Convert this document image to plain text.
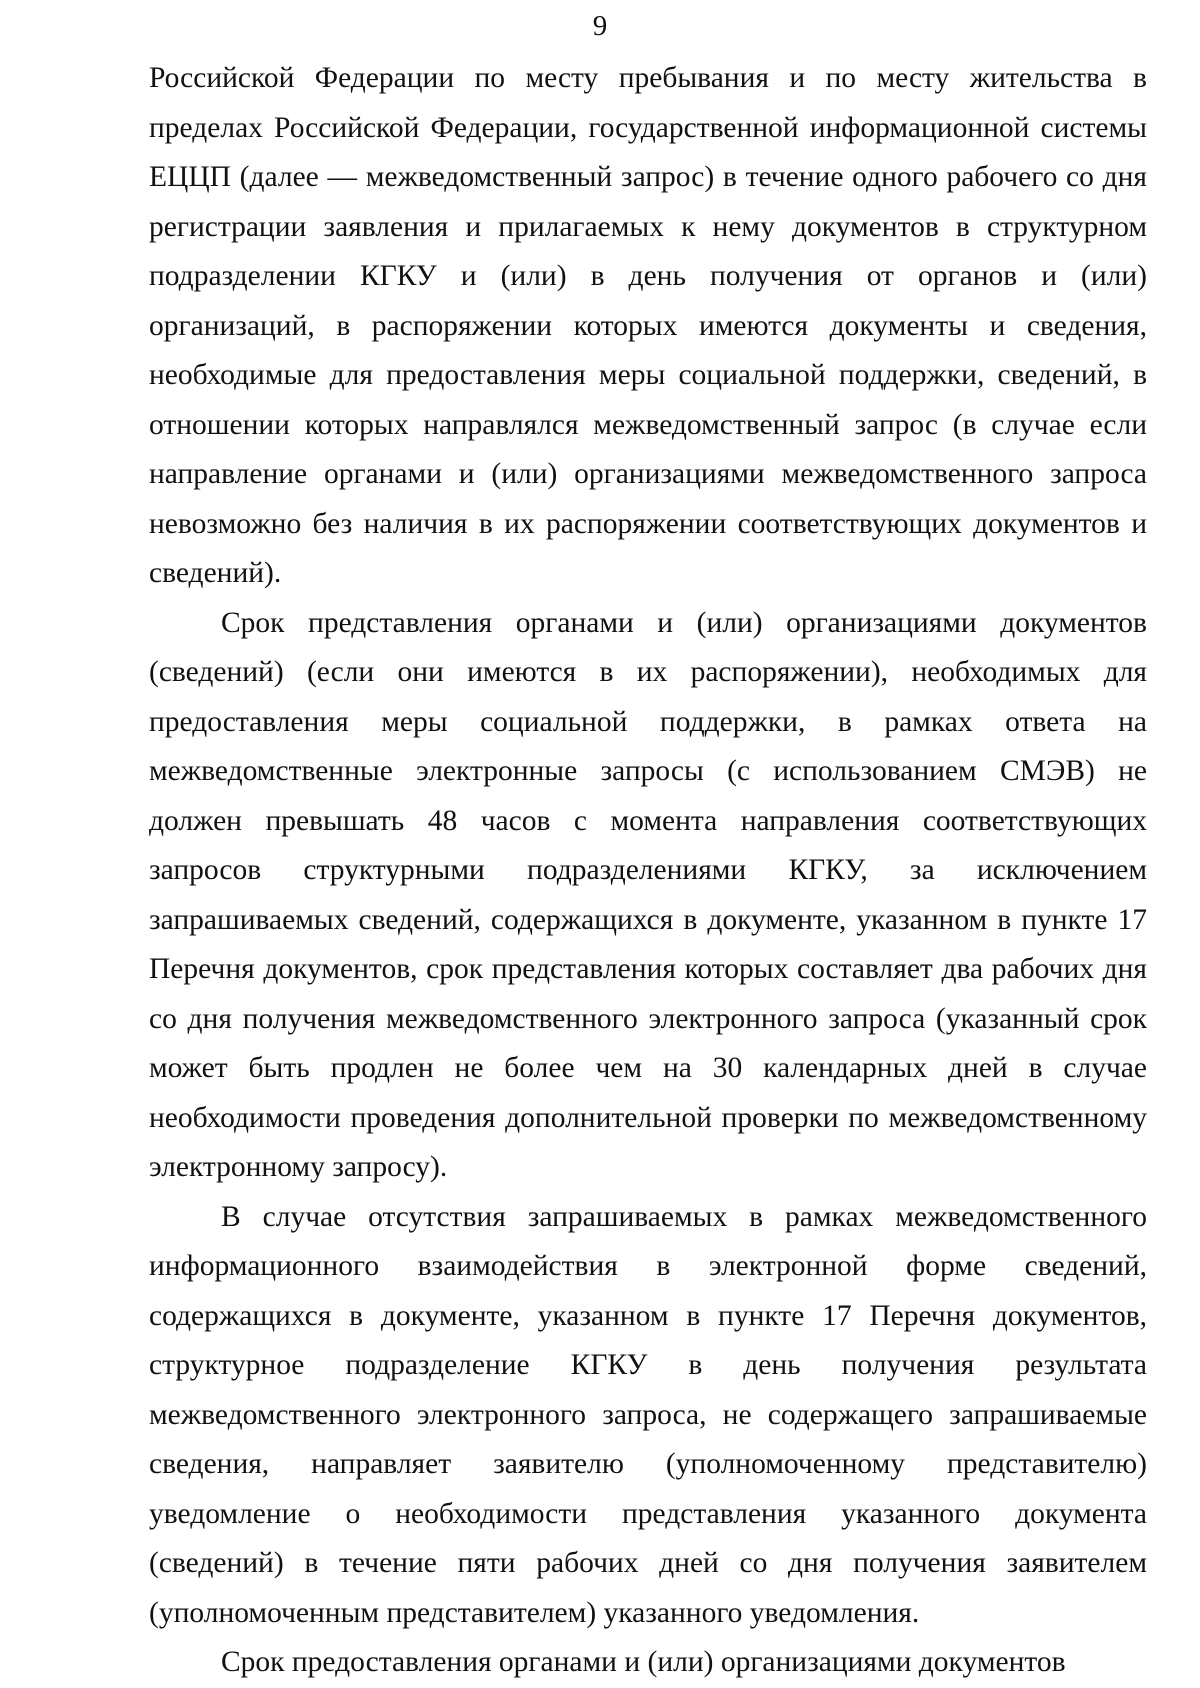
9

Российской Федерации по месту пребывания и по месту жительства в пределах Российской Федерации, государственной информационной системы ЕЦЦП (далее — межведомственный запрос) в течение одного рабочего со дня регистрации заявления и прилагаемых к нему документов в структурном подразделении КГКУ и (или) в день получения от органов и (или) организаций, в распоряжении которых имеются документы и сведения, необходимые для предоставления меры социальной поддержки, сведений, в отношении которых направлялся межведомственный запрос (в случае если направление органами и (или) организациями межведомственного запроса невозможно без наличия в их распоряжении соответствующих документов и сведений).

Срок представления органами и (или) организациями документов (сведений) (если они имеются в их распоряжении), необходимых для предоставления меры социальной поддержки, в рамках ответа на межведомственные электронные запросы (с использованием СМЭВ) не должен превышать 48 часов с момента направления соответствующих запросов структурными подразделениями КГКУ, за исключением запрашиваемых сведений, содержащихся в документе, указанном в пункте 17 Перечня документов, срок представления которых составляет два рабочих дня со дня получения межведомственного электронного запроса (указанный срок может быть продлен не более чем на 30 календарных дней в случае необходимости проведения дополнительной проверки по межведомственному электронному запросу).

В случае отсутствия запрашиваемых в рамках межведомственного информационного взаимодействия в электронной форме сведений, содержащихся в документе, указанном в пункте 17 Перечня документов, структурное подразделение КГКУ в день получения результата межведомственного электронного запроса, не содержащего запрашиваемые сведения, направляет заявителю (уполномоченному представителю) уведомление о необходимости представления указанного документа (сведений) в течение пяти рабочих дней со дня получения заявителем (уполномоченным представителем) указанного уведомления.

Срок предоставления органами и (или) организациями документов
